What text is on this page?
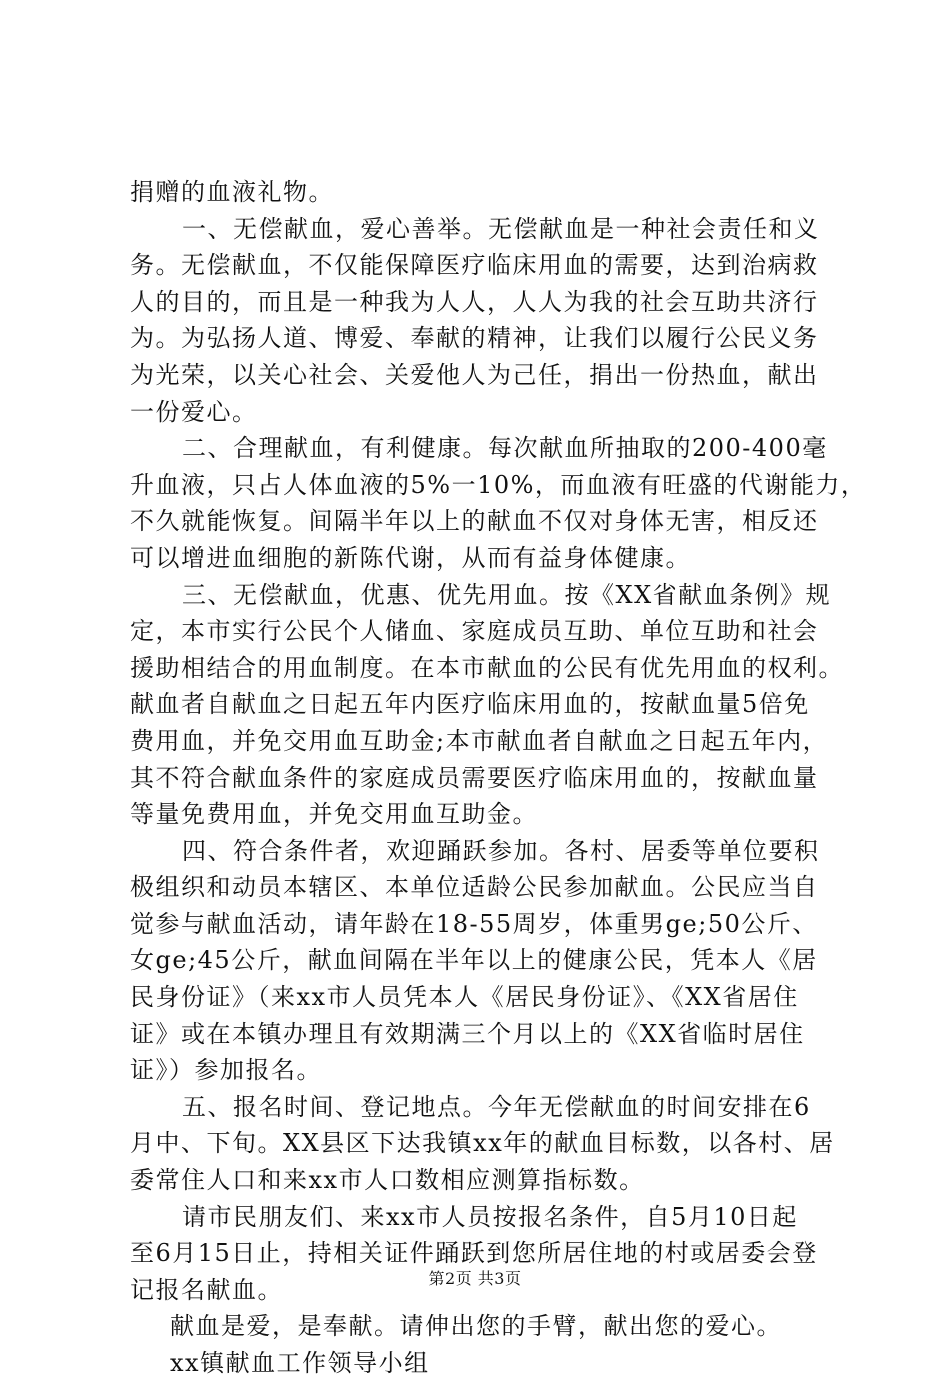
捐赠的血液礼物。
一、无偿献血，爱心善举。无偿献血是一种社会责任和义
务。无偿献血，不仅能保障医疗临床用血的需要，达到治病救
人的目的，而且是一种我为人人，人人为我的社会互助共济行
为。为弘扬人道、博爱、奉献的精神，让我们以履行公民义务
为光荣，以关心社会、关爱他人为己任，捐出一份热血，献出
一份爱心。
二、合理献血，有利健康。每次献血所抽取的200-400毫
升血液，只占人体血液的5%一10%，而血液有旺盛的代谢能力，
不久就能恢复。间隔半年以上的献血不仅对身体无害，相反还
可以增进血细胞的新陈代谢，从而有益身体健康。
三、无偿献血，优惠、优先用血。按《XX省献血条例》规
定，本市实行公民个人储血、家庭成员互助、单位互助和社会
援助相结合的用血制度。在本市献血的公民有优先用血的权利。
献血者自献血之日起五年内医疗临床用血的，按献血量5倍免
费用血，并免交用血互助金;本市献血者自献血之日起五年内，
其不符合献血条件的家庭成员需要医疗临床用血的，按献血量
等量免费用血，并免交用血互助金。
四、符合条件者，欢迎踊跃参加。各村、居委等单位要积
极组织和动员本辖区、本单位适龄公民参加献血。公民应当自
觉参与献血活动，请年龄在18-55周岁，体重男ge;50公斤、
女ge;45公斤，献血间隔在半年以上的健康公民，凭本人《居
民身份证》（来xx市人员凭本人《居民身份证》、《XX省居住
证》或在本镇办理且有效期满三个月以上的《XX省临时居住
证》）参加报名。
五、报名时间、登记地点。今年无偿献血的时间安排在6
月中、下旬。XX县区下达我镇xx年的献血目标数，以各村、居
委常住人口和来xx市人口数相应测算指标数。
请市民朋友们、来xx市人员按报名条件，自5月10日起
至6月15日止，持相关证件踊跃到您所居住地的村或居委会登
记报名献血。
献血是爱，是奉献。请伸出您的手臂，献出您的爱心。
xx镇献血工作领导小组
第2页 共3页
